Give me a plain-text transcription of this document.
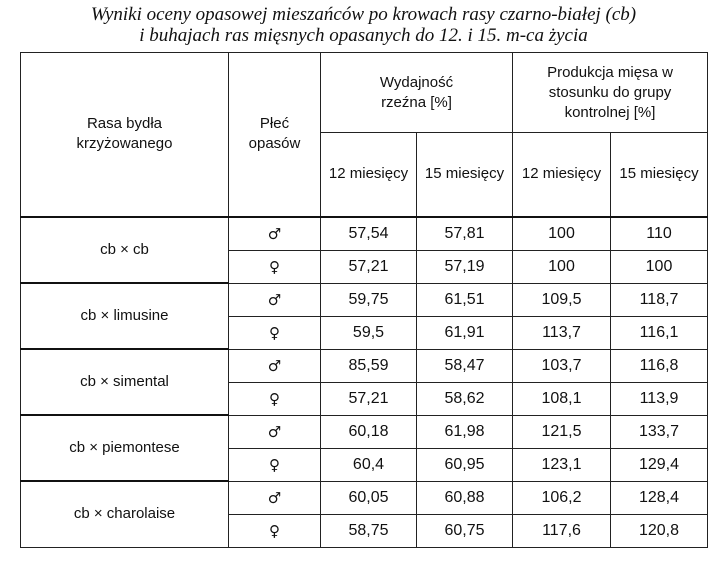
Wyniki oceny opasowej mieszańców po krowach rasy czarno-białej (cb)
i buhajach ras mięsnych opasanych do 12. i 15. m-ca życia
Rasa bydła krzyżowanego	Płeć opasów	Wydajność rzeźna [%]		Produkcja mięsa w stosunku do grupy kontrolnej [%]	
		12 miesięcy	15 miesięcy	12 miesięcy	15 miesięcy
cb × cb	♂	57,54	57,81	100	110
	♀	57,21	57,19	100	100
cb × limusine	♂	59,75	61,51	109,5	118,7
	♀	59,5	61,91	113,7	116,1
cb × simental	♂	85,59	58,47	103,7	116,8
	♀	57,21	58,62	108,1	113,9
cb × piemontese	♂	60,18	61,98	121,5	133,7
	♀	60,4	60,95	123,1	129,4
cb × charolaise	♂	60,05	60,88	106,2	128,4
	♀	58,75	60,75	117,6	120,8
